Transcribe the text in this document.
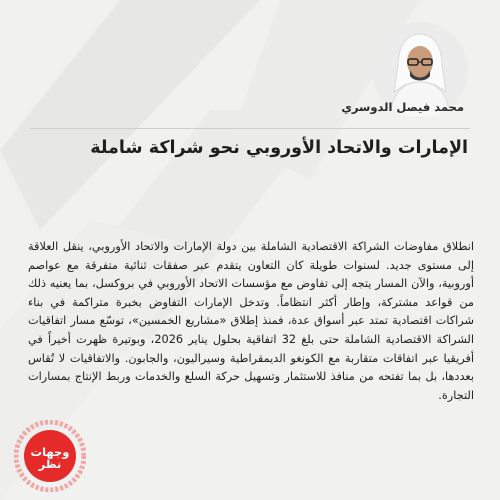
محمد فيصل الدوسري
الإمارات والاتحاد الأوروبي نحو شراكة شاملة
انطلاق مفاوضات الشراكة الاقتصادية الشاملة بين دولة الإمارات والاتحاد الأوروبي، ينقل العلاقة إلى مستوى جديد. لسنوات طويلة كان التعاون يتقدم عبر صفقات ثنائية متفرقة مع عواصم أوروبية، والآن المسار يتجه إلى تفاوض مع مؤسسات الاتحاد الأوروبي في بروكسل، بما يعنيه ذلك من قواعد مشتركة، وإطار أكثر انتظاماً. وتدخل الإمارات التفاوض بخبرة متراكمة في بناء شراكات اقتصادية تمتد عبر أسواق عدة، فمنذ إطلاق «مشاريع الخمسين»، توسّع مسار اتفاقيات الشراكة الاقتصادية الشاملة حتى بلغ 32 اتفاقية بحلول يناير 2026، وبوتيرة ظهرت أخيراً في أفريقيا عبر اتفاقات متقاربة مع الكونغو الديمقراطية وسيراليون، والجابون. والاتفاقيات لا تُقاس بعددها، بل بما تفتحه من منافذ للاستثمار وتسهيل حركة السلع والخدمات وربط الإنتاج بمسارات التجارة.
وجهات
نظر
